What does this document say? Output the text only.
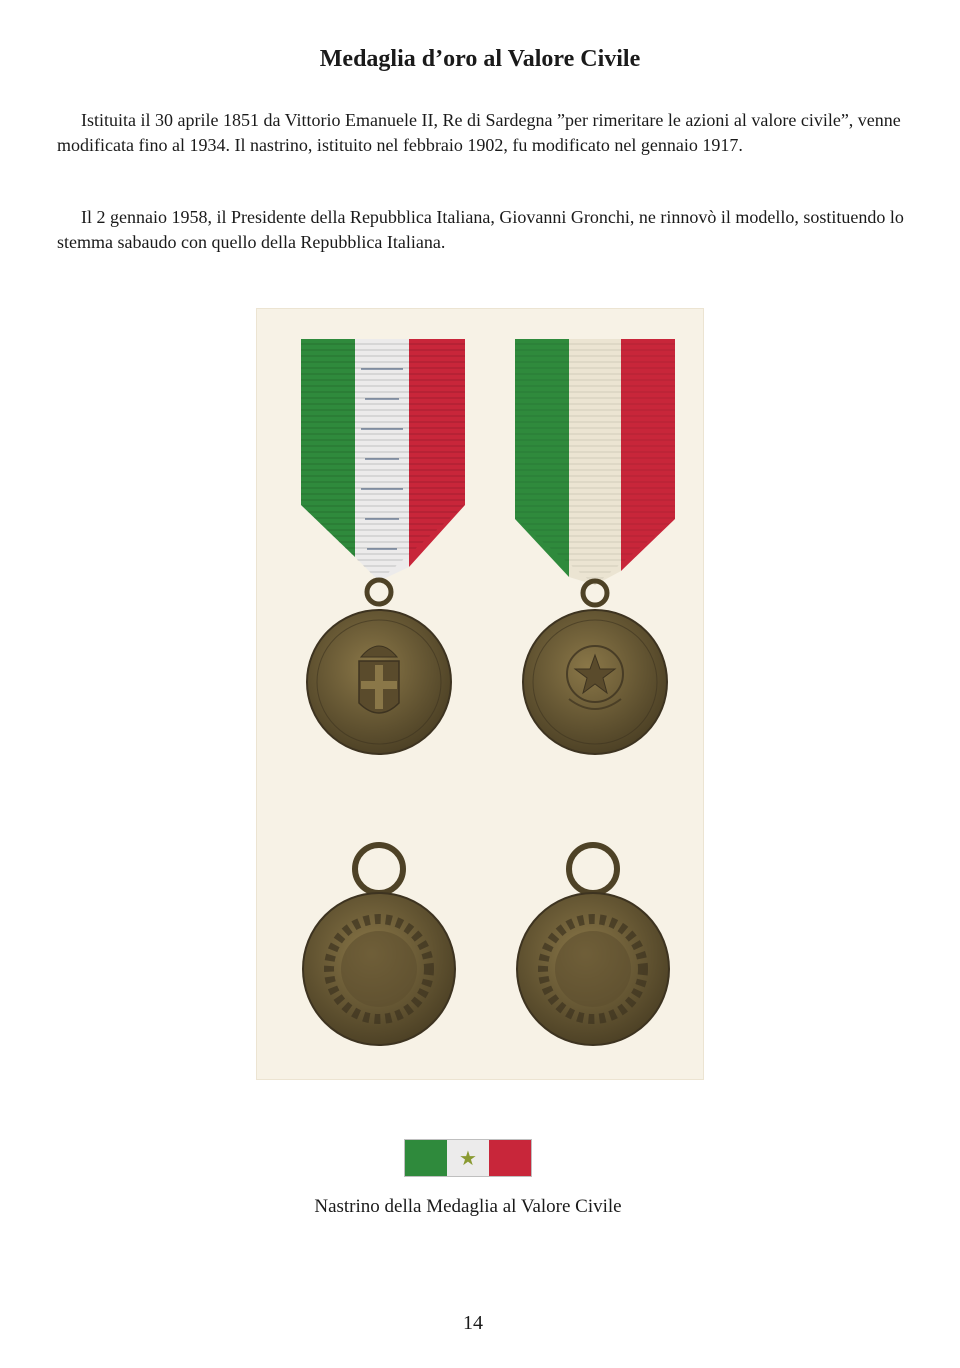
Medaglia d’oro al Valore Civile

Istituita il 30 aprile 1851 da Vittorio Emanuele II, Re di Sardegna ”per rimeritare le azioni al valore civile”, venne modificata fino al 1934. Il nastrino, istituito nel febbraio 1902, fu modificato nel gennaio 1917.

Il 2 gennaio 1958, il Presidente della Repubblica Italiana, Giovanni Gronchi, ne rinnovò il modello, sostituendo lo stemma sabaudo con quello della Repubblica Italiana.

★

Nastrino della Medaglia al Valore Civile

14
